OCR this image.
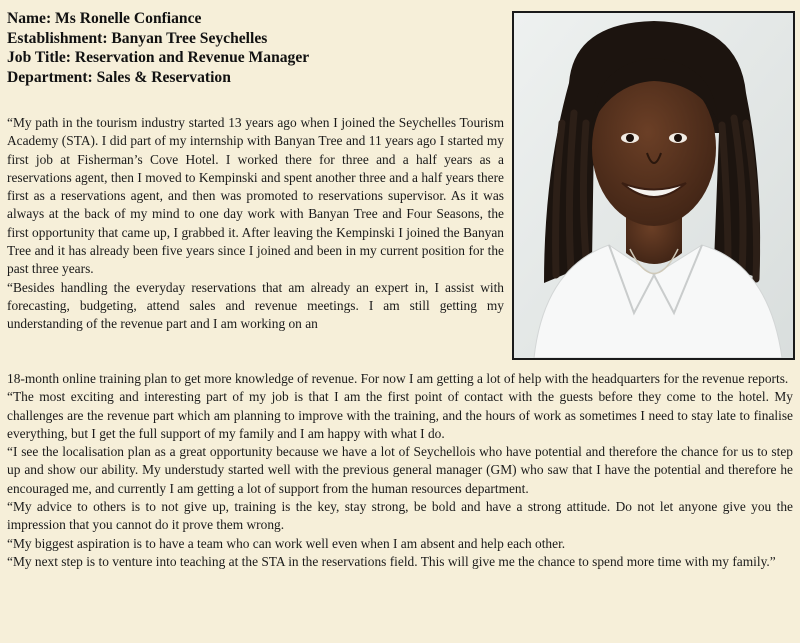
Name: Ms Ronelle Confiance
Establishment: Banyan Tree Seychelles
Job Title: Reservation and Revenue Manager
Department: Sales & Reservation

“My path in the tourism industry started 13 years ago when I joined the Seychelles Tourism Academy (STA). I did part of my internship with Banyan Tree and 11 years ago I started my first job at Fisherman’s Cove Hotel. I worked there for three and a half years as a reservations agent, then I moved to Kempinski and spent another three and a half years there first as a reservations agent, and then was promoted to reservations supervisor. As it was always at the back of my mind to one day work with Banyan Tree and Four Seasons, the first opportunity that came up, I grabbed it. After leaving the Kempinski I joined the Banyan Tree and it has already been five years since I joined and been in my current position for the past three years.

“Besides handling the everyday reservations that am already an expert in, I assist with forecasting, budgeting, attend sales and revenue meetings. I am still getting my understanding of the revenue part and I am working on an

18-month online training plan to get more knowledge of revenue. For now I am getting a lot of help with the headquarters for the revenue reports.

“The most exciting and interesting part of my job is that I am the first point of contact with the guests before they come to the hotel. My challenges are the revenue part which am planning to improve with the training, and the hours of work as sometimes I need to stay late to finalise everything, but I get the full support of my family and I am happy with what I do.

“I see the localisation plan as a great opportunity because we have a lot of Seychellois who have potential and therefore the chance for us to step up and show our ability. My understudy started well with the previous general manager (GM) who saw that I have the potential and therefore he encouraged me, and currently I am getting a lot of support from the human resources department.

“My advice to others is to not give up, training is the key, stay strong, be bold and have a strong attitude. Do not let anyone give you the impression that you cannot do it prove them wrong.

“My biggest aspiration is to have a team who can work well even when I am absent and help each other.

“My next step is to venture into teaching at the STA in the reservations field. This will give me the chance to spend more time with my family.”
